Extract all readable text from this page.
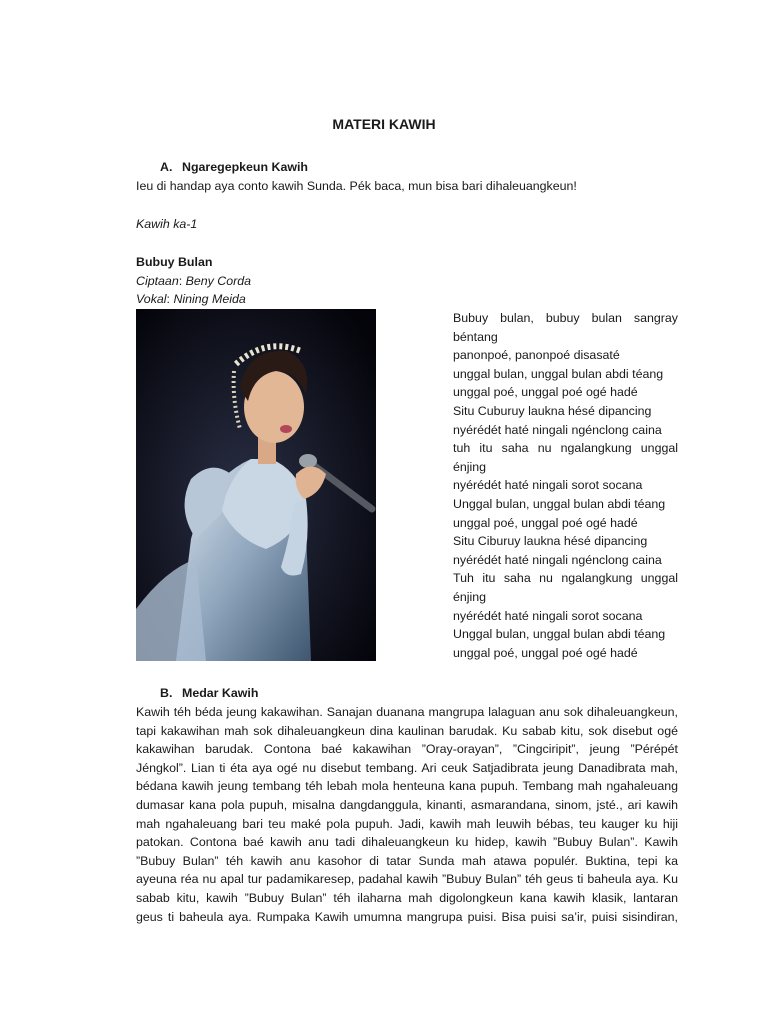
MATERI KAWIH
A. Ngaregepkeun Kawih
Ieu di handap aya conto kawih Sunda. Pék baca, mun bisa bari dihaleuangkeun!
Kawih ka-1
Bubuy Bulan
Ciptaan: Beny Corda
Vokal: Nining Meida
Bubuy bulan, bubuy bulan sangray béntang
panonpoé, panonpoé disasaté
unggal bulan, unggal bulan abdi téang
unggal poé, unggal poé ogé hadé
Situ Cuburuy laukna hésé dipancing
nyérédét haté ningali ngénclong caina
tuh itu saha nu ngalangkung unggal énjing
nyérédét haté ningali sorot socana
Unggal bulan, unggal bulan abdi téang
unggal poé, unggal poé ogé hadé
Situ Ciburuy laukna hésé dipancing
nyérédét haté ningali ngénclong caina
Tuh itu saha nu ngalangkung unggal énjing
nyérédét haté ningali sorot socana
Unggal bulan, unggal bulan abdi téang
unggal poé, unggal poé ogé hadé
B. Medar Kawih
Kawih téh béda jeung kakawihan. Sanajan duanana mangrupa lalaguan anu sok dihaleuangkeun,
tapi kakawihan mah sok dihaleuangkeun dina kaulinan barudak. Ku sabab kitu, sok disebut ogé
kakawihan barudak. Contona baé kakawihan ”Oray-orayan”, ”Cingciripit”, jeung ”Pérépét
Jéngkol”. Lian ti éta aya ogé nu disebut tembang. Ari ceuk Satjadibrata jeung Danadibrata mah,
bédana kawih jeung tembang téh lebah mola henteuna kana pupuh. Tembang mah ngahaleuang
dumasar kana pola pupuh, misalna dangdanggula, kinanti, asmarandana, sinom, jsté., ari kawih
mah ngahaleuang bari teu maké pola pupuh. Jadi, kawih mah leuwih bébas, teu kauger ku hiji
patokan. Contona baé kawih anu tadi dihaleuangkeun ku hidep, kawih ”Bubuy Bulan”. Kawih
”Bubuy Bulan” téh kawih anu kasohor di tatar Sunda mah atawa populér. Buktina, tepi ka
ayeuna réa nu apal tur padamikaresep, padahal kawih ”Bubuy Bulan” téh geus ti baheula aya. Ku
sabab kitu, kawih ”Bubuy Bulan” téh ilaharna mah digolongkeun kana kawih klasik, lantaran
geus ti baheula aya. Rumpaka Kawih umumna mangrupa puisi. Bisa puisi sa’ir, puisi sisindiran,
